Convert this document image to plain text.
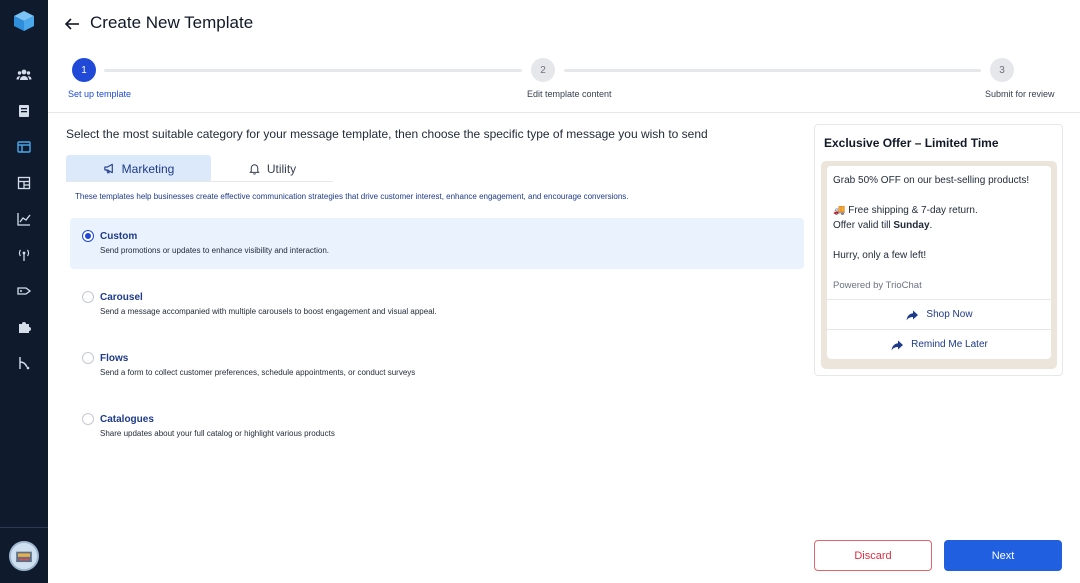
Create New Template
1	2	3
Set up template	Edit template content	Submit for review
Select the most suitable category for your message template, then choose the specific type of message you wish to send
Marketing	Utility
These templates help businesses create effective communication strategies that drive customer interest, enhance engagement, and encourage conversions.
Custom
Send promotions or updates to enhance visibility and interaction.
Carousel
Send a message accompanied with multiple carousels to boost engagement and visual appeal.
Flows
Send a form to collect customer preferences, schedule appointments, or conduct surveys
Catalogues
Share updates about your full catalog or highlight various products
Exclusive Offer – Limited Time

Grab 50% OFF on our best-selling products!

🚚 Free shipping & 7-day return.

Offer valid till Sunday.

Hurry, only a few left!

Powered by TrioChat
Shop Now
Remind Me Later
Discard	Next
